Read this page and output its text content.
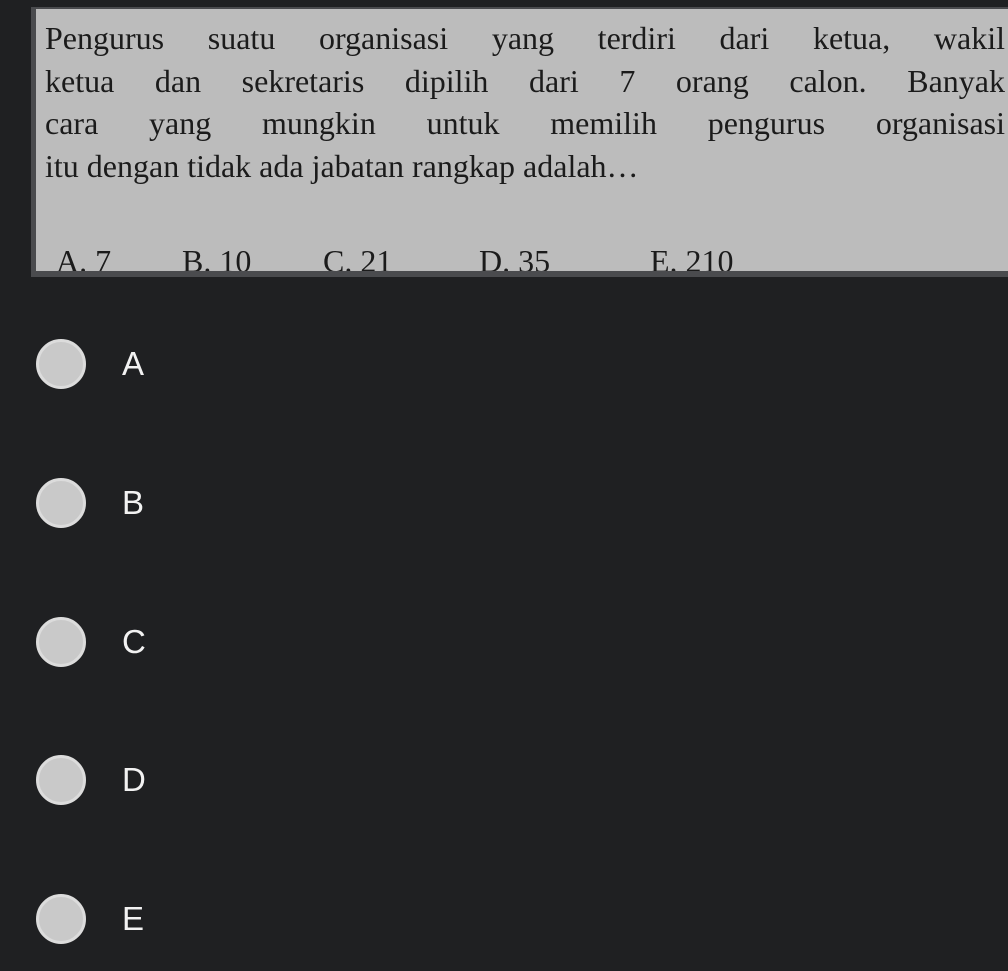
Pengurus suatu organisasi yang terdiri dari ketua, wakil
ketua dan sekretaris dipilih dari 7 orang calon. Banyak
cara yang mungkin untuk memilih pengurus organisasi
itu dengan tidak ada jabatan rangkap adalah…
A. 7 B. 10 C. 21	D. 35	E. 210
A
B
C
D
E
